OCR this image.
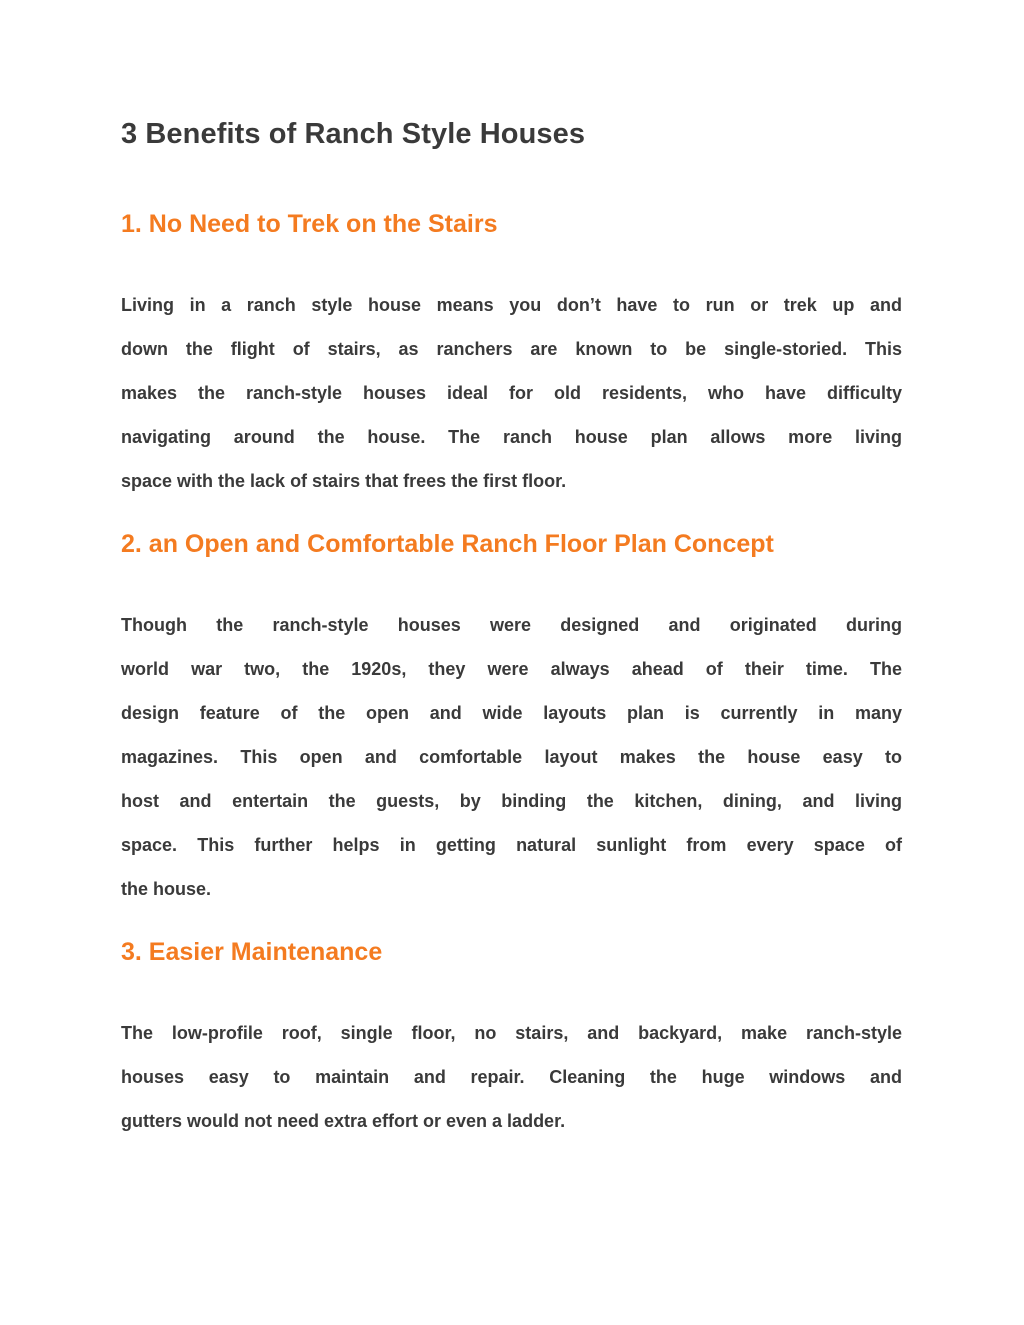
3 Benefits of Ranch Style Houses
1. No Need to Trek on the Stairs
Living in a ranch style house means you don’t have to run or trek up and
down the flight of stairs, as ranchers are known to be single-storied. This
makes the ranch-style houses ideal for old residents, who have difficulty
navigating around the house. The ranch house plan allows more living
space with the lack of stairs that frees the first floor.
2. an Open and Comfortable Ranch Floor Plan Concept
Though the ranch-style houses were designed and originated during
world war two, the 1920s, they were always ahead of their time. The
design feature of the open and wide layouts plan is currently in many
magazines. This open and comfortable layout makes the house easy to
host and entertain the guests, by binding the kitchen, dining, and living
space. This further helps in getting natural sunlight from every space of
the house.
3. Easier Maintenance
The low-profile roof, single floor, no stairs, and backyard, make ranch-style
houses easy to maintain and repair. Cleaning the huge windows and
gutters would not need extra effort or even a ladder.
